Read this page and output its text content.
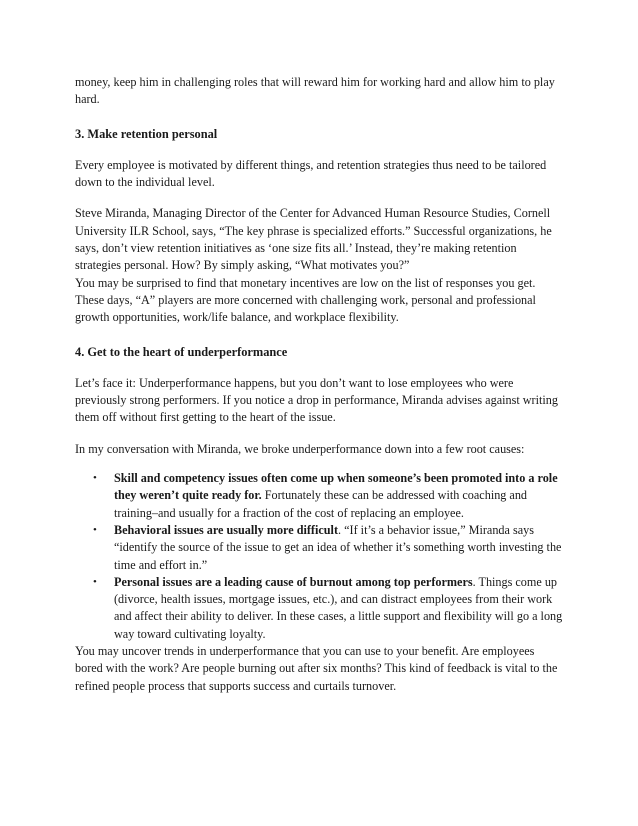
money, keep him in challenging roles that will reward him for working hard and allow him to play hard.

3. Make retention personal

Every employee is motivated by different things, and retention strategies thus need to be tailored down to the individual level.

Steve Miranda, Managing Director of the Center for Advanced Human Resource Studies, Cornell University ILR School, says, “The key phrase is specialized efforts.” Successful organizations, he says, don’t view retention initiatives as ‘one size fits all.’ Instead, they’re making retention strategies personal. How? By simply asking, “What motivates you?”

You may be surprised to find that monetary incentives are low on the list of responses you get. These days, “A” players are more concerned with challenging work, personal and professional growth opportunities, work/life balance, and workplace flexibility.

4. Get to the heart of underperformance

Let’s face it: Underperformance happens, but you don’t want to lose employees who were previously strong performers. If you notice a drop in performance, Miranda advises against writing them off without first getting to the heart of the issue.

In my conversation with Miranda, we broke underperformance down into a few root causes:

• Skill and competency issues often come up when someone’s been promoted into a role they weren’t quite ready for. Fortunately these can be addressed with coaching and training–and usually for a fraction of the cost of replacing an employee.
• Behavioral issues are usually more difficult. “If it’s a behavior issue,” Miranda says “identify the source of the issue to get an idea of whether it’s something worth investing the time and effort in.”
• Personal issues are a leading cause of burnout among top performers. Things come up (divorce, health issues, mortgage issues, etc.), and can distract employees from their work and affect their ability to deliver. In these cases, a little support and flexibility will go a long way toward cultivating loyalty.

You may uncover trends in underperformance that you can use to your benefit. Are employees bored with the work? Are people burning out after six months? This kind of feedback is vital to the refined people process that supports success and curtails turnover.
